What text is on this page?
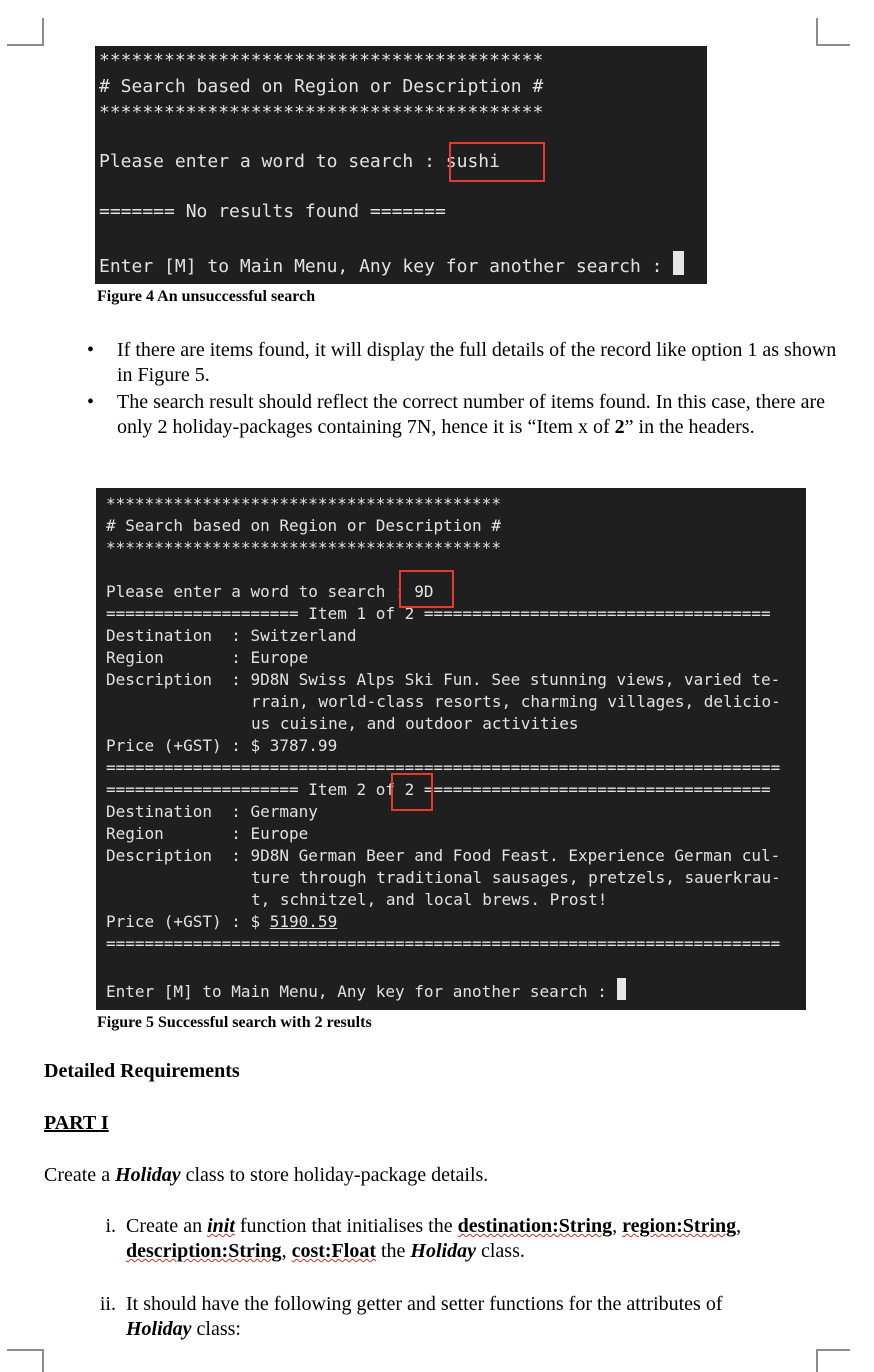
*****************************************

# Search based on Region or Description #

*****************************************

Please enter a word to search : sushi

======= No results found =======

Enter [M] to Main Menu, Any key for another search :

Figure 4 An unsuccessful search
• If there are items found, it will display the full details of the record like option 1 as shown in Figure 5.
• The search result should reflect the correct number of items found. In this case, there are only 2 holiday-packages containing 7N, hence it is “Item x of 2” in the headers.

*****************************************

# Search based on Region or Description #

*****************************************

Please enter a word to search : 9D

==================== Item 1 of 2 ====================================

Destination  : Switzerland

Region       : Europe

Description  : 9D8N Swiss Alps Ski Fun. See stunning views, varied te-

rrain, world-class resorts, charming villages, delicio-

us cuisine, and outdoor activities

Price (+GST) : $ 3787.99

======================================================================

==================== Item 2 of 2 ====================================

Destination  : Germany

Region       : Europe

Description  : 9D8N German Beer and Food Feast. Experience German cul-

ture through traditional sausages, pretzels, sauerkrau-

t, schnitzel, and local brews. Prost!

Price (+GST) : $ 5190.59

======================================================================

Enter [M] to Main Menu, Any key for another search :

Figure 5 Successful search with 2 results
Detailed Requirements
PART I
Create a Holiday class to store holiday-package details.
i. Create an init function that initialises the destination:String, region:String,
description:String, cost:Float the Holiday class.
ii. It should have the following getter and setter functions for the attributes of
Holiday class:
